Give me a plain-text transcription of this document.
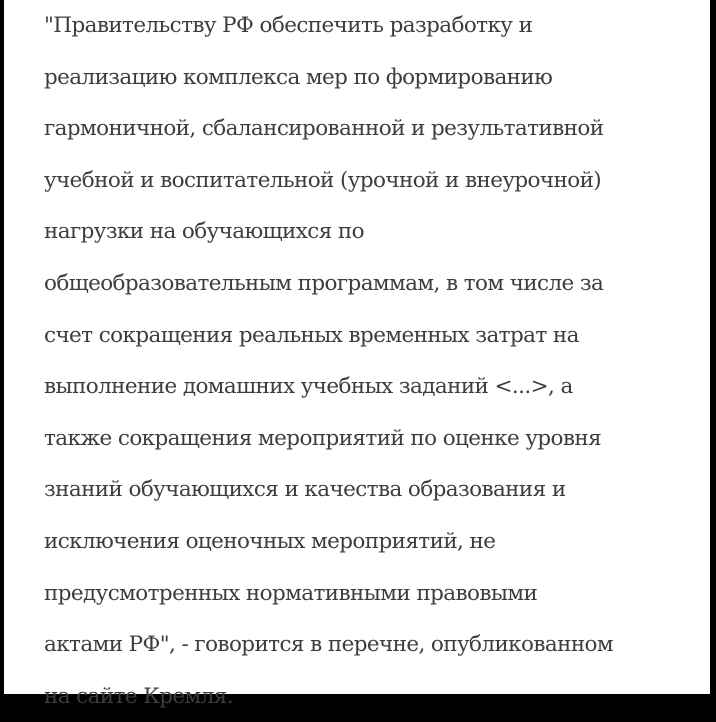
"Правительству РФ обеспечить разработку и
реализацию комплекса мер по формированию
гармоничной, сбалансированной и результативной
учебной и воспитательной (урочной и внеурочной)
нагрузки на обучающихся по
общеобразовательным программам, в том числе за
счет сокращения реальных временных затрат на
выполнение домашних учебных заданий <...>, а
также сокращения мероприятий по оценке уровня
знаний обучающихся и качества образования и
исключения оценочных мероприятий, не
предусмотренных нормативными правовыми
актами РФ", - говорится в перечне, опубликованном
на сайте Кремля.
